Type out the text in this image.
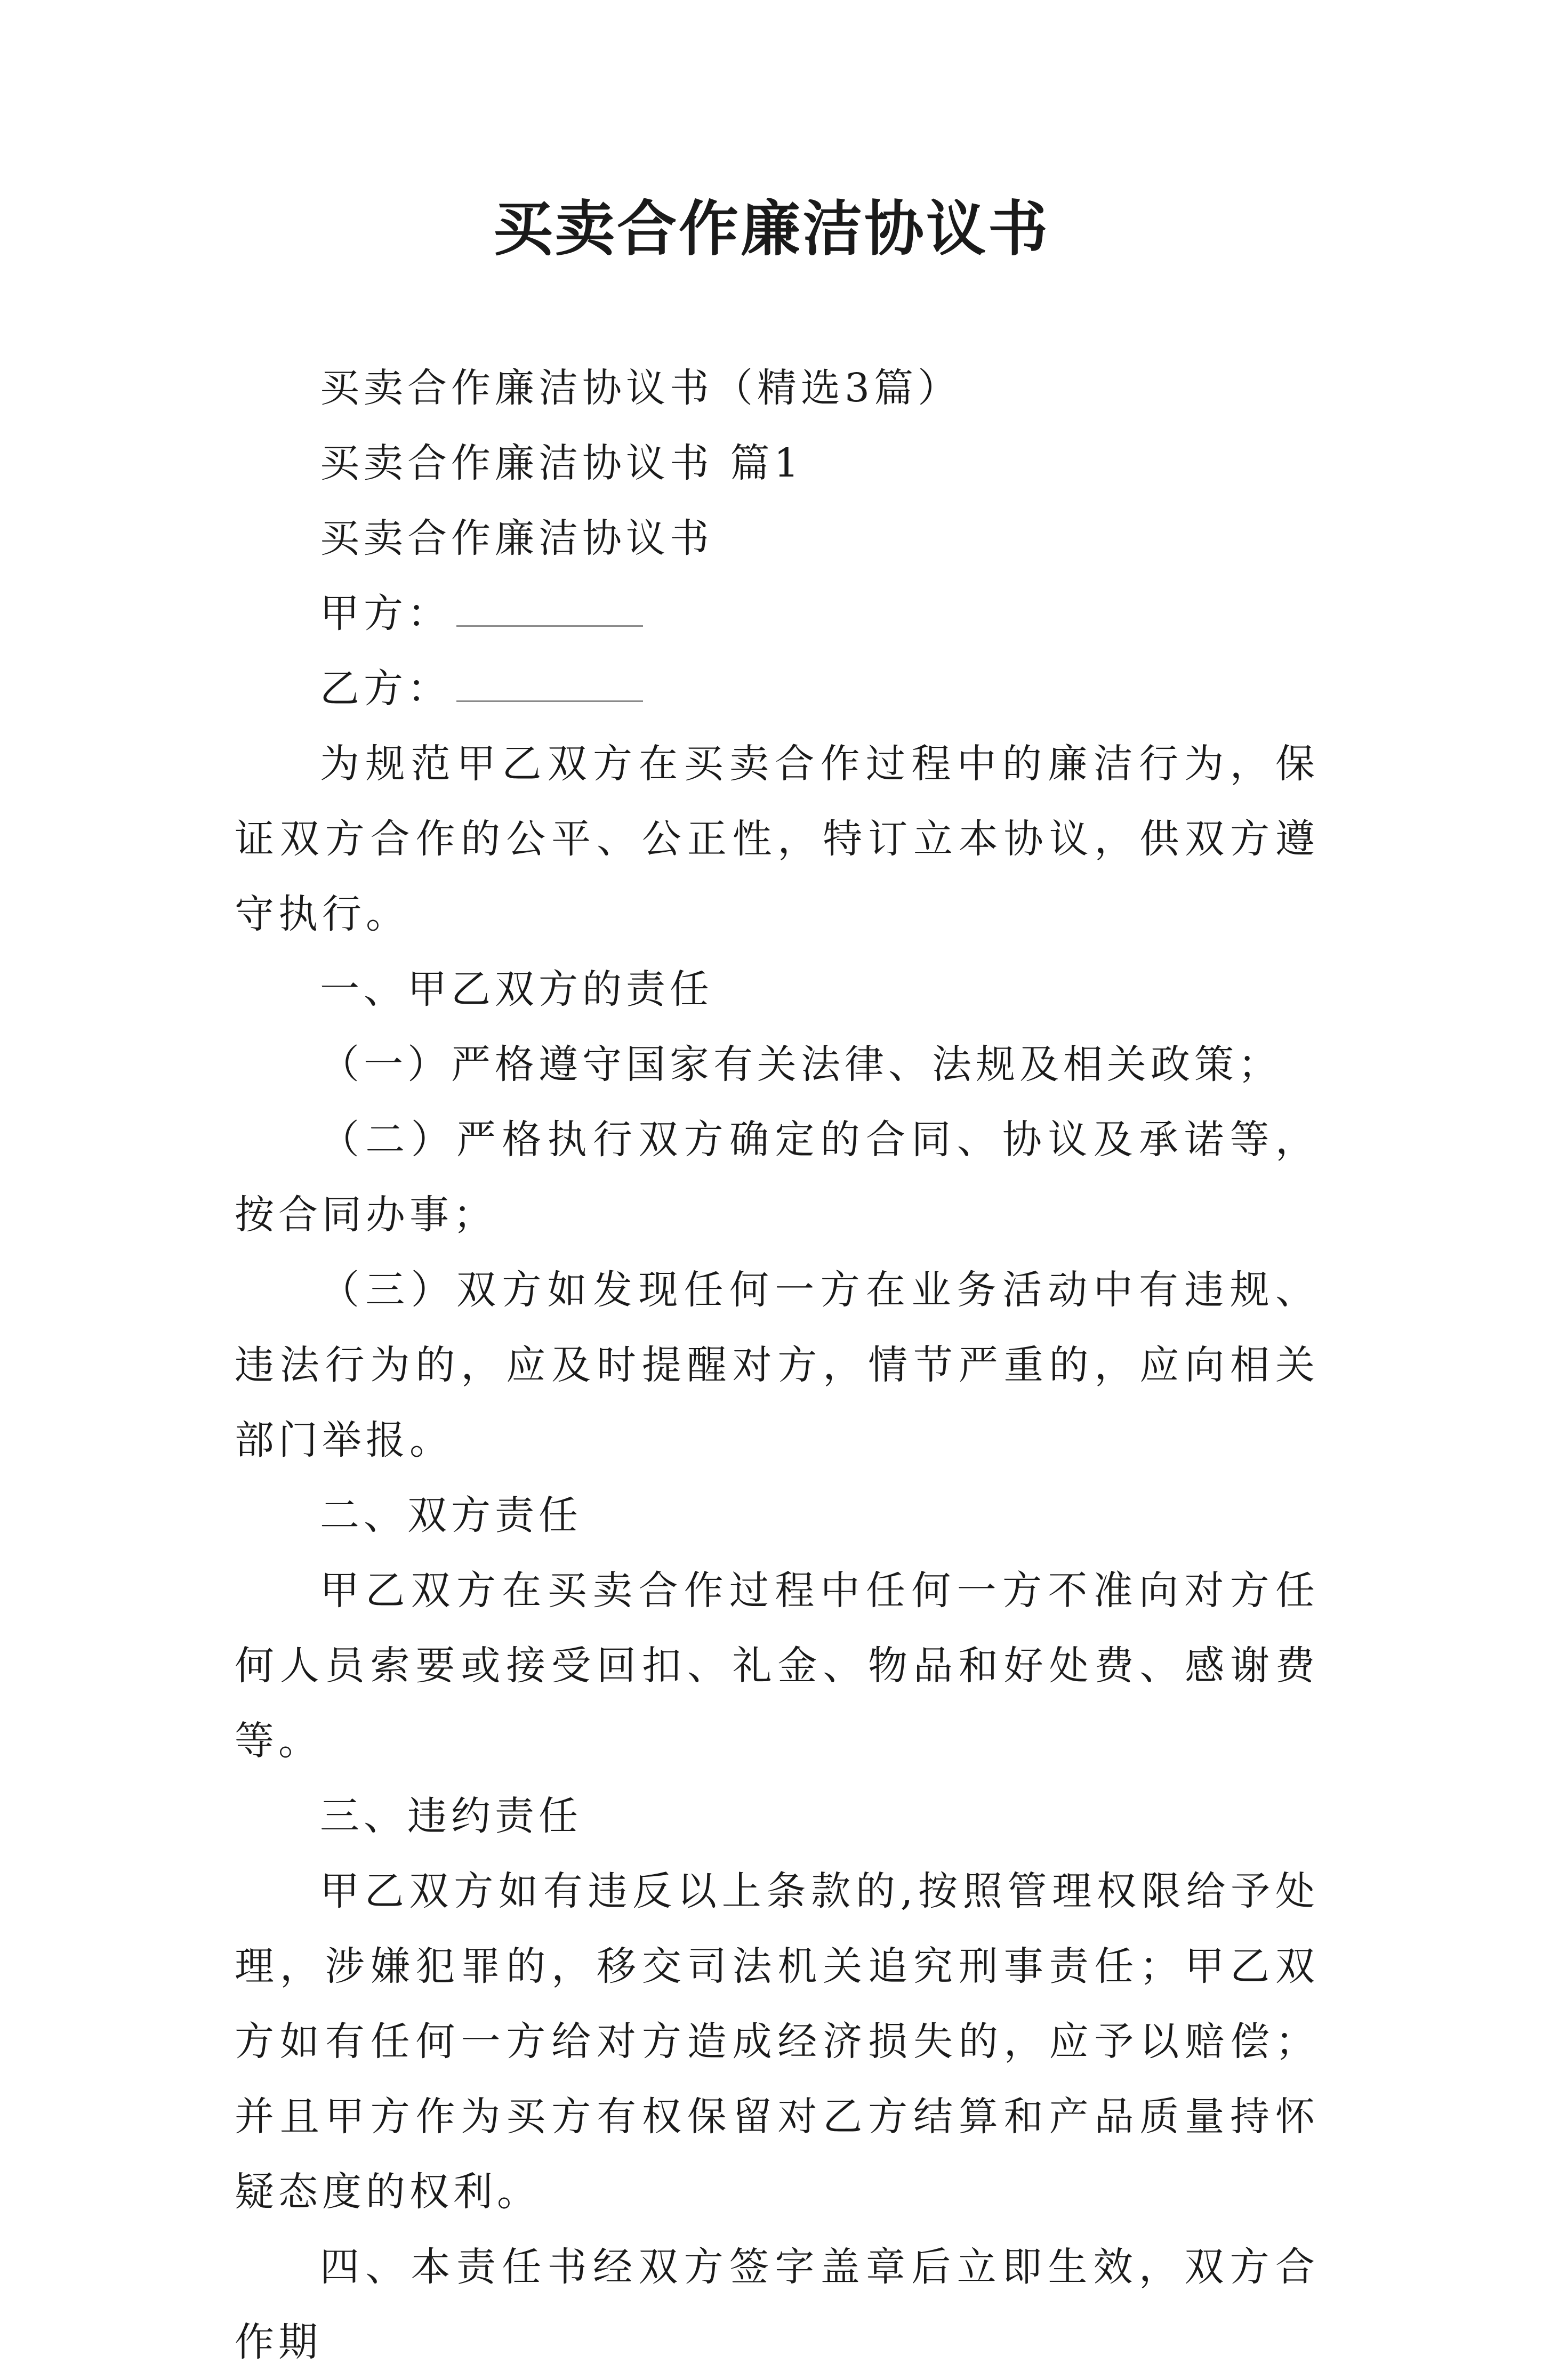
买卖合作廉洁协议书

买卖合作廉洁协议书（精选3篇）

买卖合作廉洁协议书 篇1

买卖合作廉洁协议书

甲方：

乙方：

为规范甲乙双方在买卖合作过程中的廉洁行为，保证双方合作的公平、公正性，特订立本协议，供双方遵守执行。

一、甲乙双方的责任

（一）严格遵守国家有关法律、法规及相关政策；

（二）严格执行双方确定的合同、协议及承诺等，按合同办事；

（三）双方如发现任何一方在业务活动中有违规、违法行为的，应及时提醒对方，情节严重的，应向相关部门举报。

二、双方责任

甲乙双方在买卖合作过程中任何一方不准向对方任何人员索要或接受回扣、礼金、物品和好处费、感谢费等。

三、违约责任

甲乙双方如有违反以上条款的,按照管理权限给予处理，涉嫌犯罪的，移交司法机关追究刑事责任；甲乙双方如有任何一方给对方造成经济损失的，应予以赔偿；并且甲方作为买方有权保留对乙方结算和产品质量持怀疑态度的权利。

四、本责任书经双方签字盖章后立即生效，双方合作期
